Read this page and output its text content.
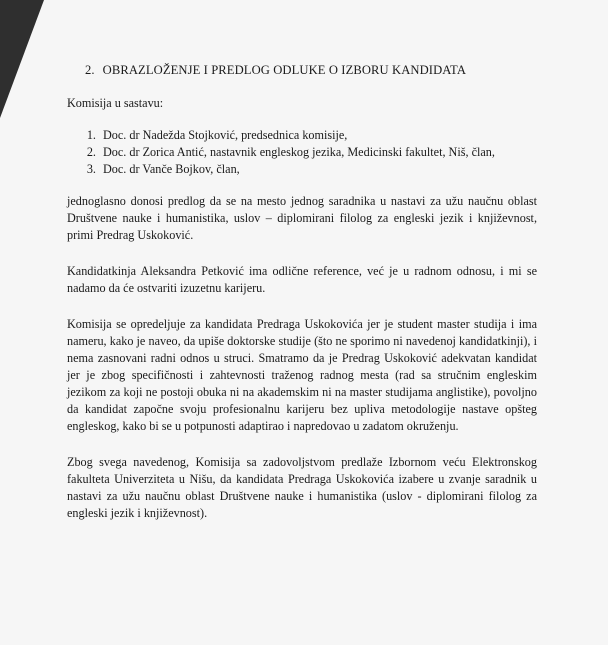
2. OBRAZLOŽENJE I PREDLOG ODLUKE O IZBORU KANDIDATA

Komisija u sastavu:

1. Doc. dr Nadežda Stojković, predsednica komisije,
2. Doc. dr Zorica Antić, nastavnik engleskog jezika, Medicinski fakultet, Niš, član,
3. Doc. dr Vanče Bojkov, član,

jednoglasno donosi predlog da se na mesto jednog saradnika u nastavi za užu naučnu oblast Društvene nauke i humanistika, uslov – diplomirani filolog za engleski jezik i književnost, primi Predrag Uskoković.

Kandidatkinja Aleksandra Petković ima odlične reference, već je u radnom odnosu, i mi se nadamo da će ostvariti izuzetnu karijeru.

Komisija se opredeljuje za kandidata Predraga Uskokovića jer je student master studija i ima nameru, kako je naveo, da upiše doktorske studije (što ne sporimo ni navedenoj kandidatkinji), i nema zasnovani radni odnos u struci. Smatramo da je Predrag Uskoković adekvatan kandidat jer je zbog specifičnosti i zahtevnosti traženog radnog mesta (rad sa stručnim engleskim jezikom za koji ne postoji obuka ni na akademskim ni na master studijama anglistike), povoljno da kandidat započne svoju profesionalnu karijeru bez upliva metodologije nastave opšteg engleskog, kako bi se u potpunosti adaptirao i napredovao u zadatom okruženju.

Zbog svega navedenog, Komisija sa zadovoljstvom predlaže Izbornom veću Elektronskog fakulteta Univerziteta u Nišu, da kandidata Predraga Uskokovića izabere u zvanje saradnik u nastavi za užu naučnu oblast Društvene nauke i humanistika (uslov - diplomirani filolog za engleski jezik i književnost).
